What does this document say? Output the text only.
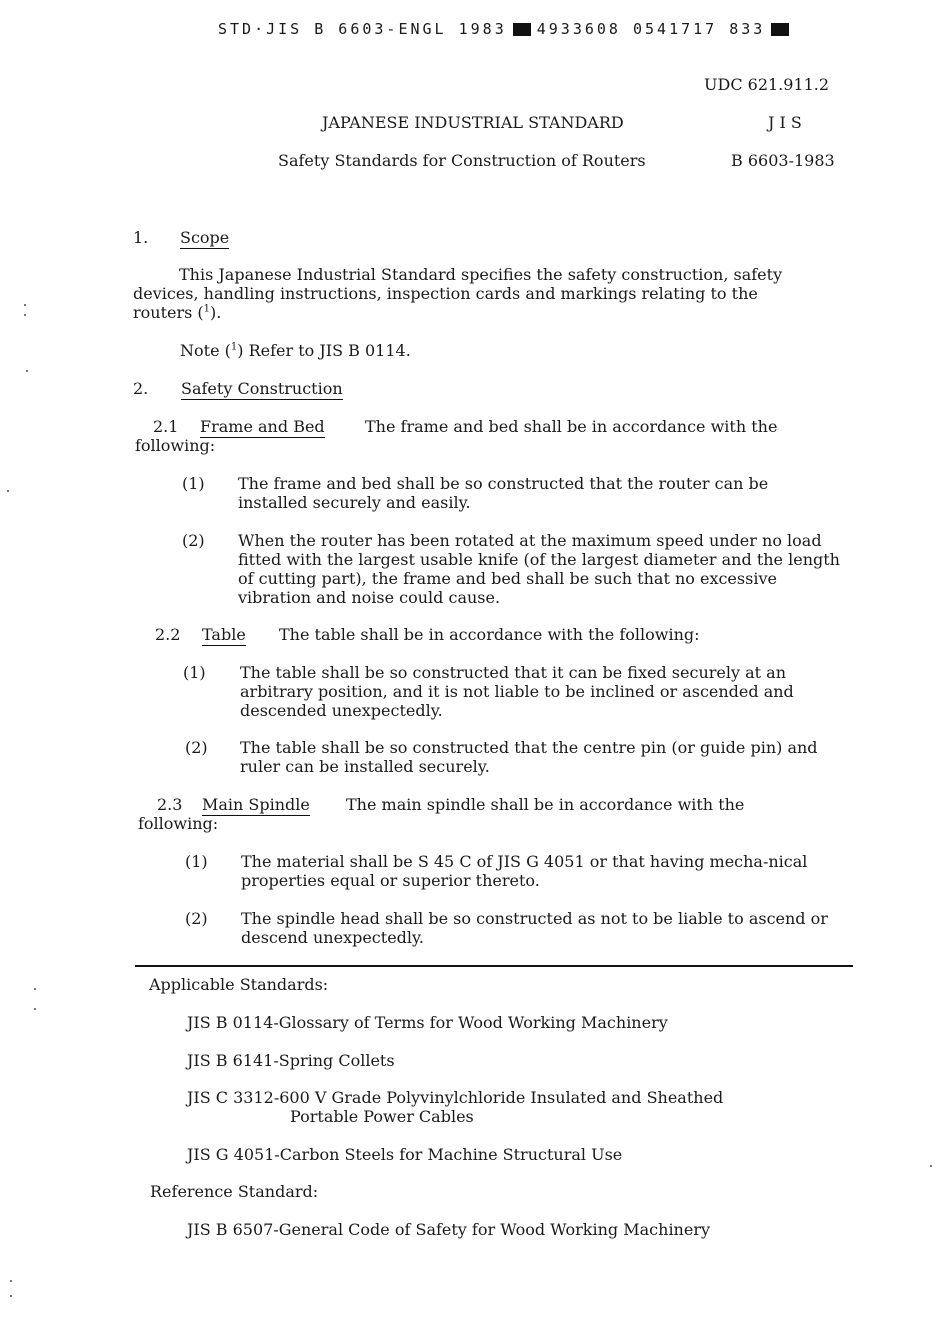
STD·JIS B 6603-ENGL 1983 4933608 0541717 833
UDC 621.911.2
JAPANESE INDUSTRIAL STANDARD	J I S
Safety Standards for Construction of Routers	B 6603-1983
1. Scope
This Japanese Industrial Standard specifies the safety construction, safety devices, handling instructions, inspection cards and markings relating to the routers ($^1$).
Note ($^1$) Refer to JIS B 0114.
2. Safety Construction
2.1 Frame and Bed	The frame and bed shall be in accordance with the
following:
(1) The frame and bed shall be so constructed that the router can be installed securely and easily.
(2) When the router has been rotated at the maximum speed under no load fitted with the largest usable knife (of the largest diameter and the length of cutting part), the frame and bed shall be such that no excessive vibration and noise could cause.
2.2 Table The table shall be in accordance with the following:
(1) The table shall be so constructed that it can be fixed securely at an arbitrary position, and it is not liable to be inclined or ascended and descended unexpectedly.
(2) The table shall be so constructed that the centre pin (or guide pin) and ruler can be installed securely.
2.3 Main Spindle The main spindle shall be in accordance with the
following:
(1) The material shall be S 45 C of JIS G 4051 or that having mecha-nical properties equal or superior thereto.
(2) The spindle head shall be so constructed as not to be liable to ascend or descend unexpectedly.
Applicable Standards:
JIS B 0114-Glossary of Terms for Wood Working Machinery
JIS B 6141-Spring Collets
JIS C 3312-600 V Grade Polyvinylchloride Insulated and Sheathed
Portable Power Cables
JIS G 4051-Carbon Steels for Machine Structural Use
Reference Standard:
JIS B 6507-General Code of Safety for Wood Working Machinery
